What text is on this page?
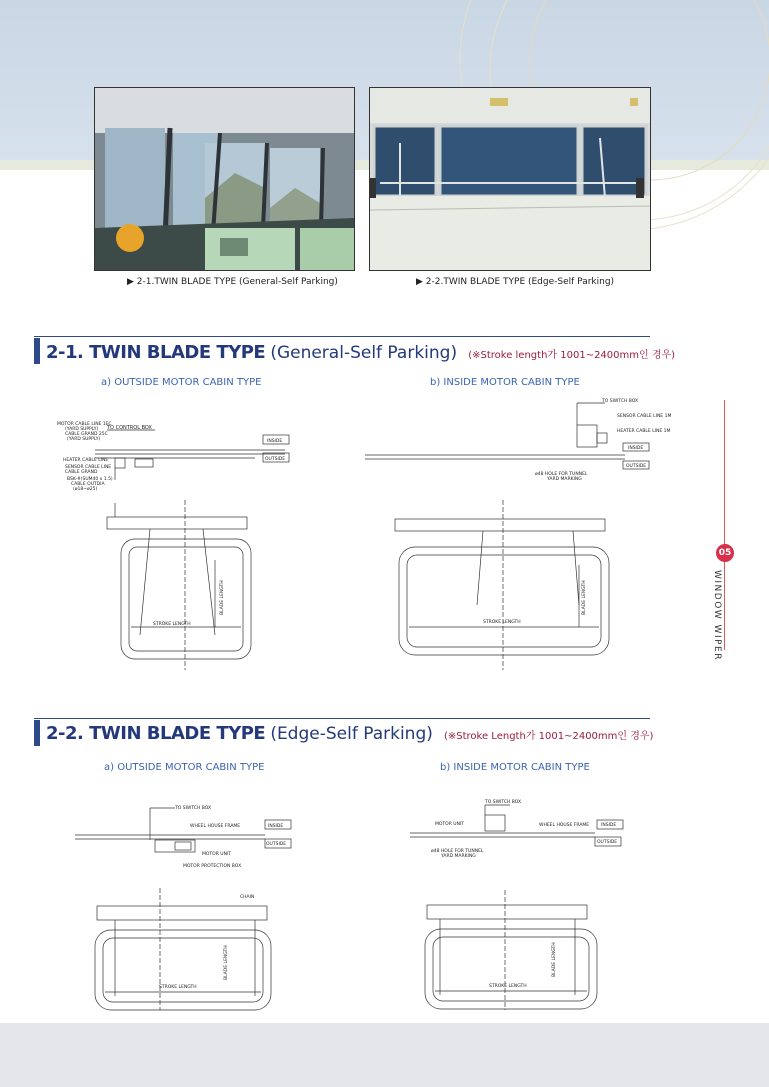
▶ 2-1.TWIN BLADE TYPE (General-Self Parking)	▶ 2-2.TWIN BLADE TYPE (Edge-Self Parking)
2-1. TWIN BLADE TYPE (General-Self Parking) (※Stroke length가 1001~2400mm인 경우)
a) OUTSIDE MOTOR CABIN TYPE	b) INSIDE MOTOR CABIN TYPE
MOTOR CABLE LINE 1EC
(YARD SUPPLY)
CABLE GRAND 25C
(YARD SUPPLY)
TO CONTROL BOX
HEATER CABLE LINE
SENSOR CABLE LINE
CABLE GRAND
BSK-#(SUM40 x 1.5)
CABLE OUTDIA
(ø18~ø25)
INSIDE
OUTSIDE
STROKE LENGTH
BLADE LENGTH
TO SWITCH BOX
SENSOR CABLE LINE 1M
HEATER CABLE LINE 1M
INSIDE
OUTSIDE
ø48 HOLE FOR TUNNEL
YARD MARKING
STROKE LENGTH
BLADE LENGTH
2-2. TWIN BLADE TYPE (Edge-Self Parking) (※Stroke Length가 1001~2400mm인 경우)
a) OUTSIDE MOTOR CABIN TYPE	b) INSIDE MOTOR CABIN TYPE
TO SWITCH BOX
WHEEL HOUSE FRAME
MOTOR UNIT
MOTOR PROTECTION BOX
INSIDE
OUTSIDE
CHAIN
STROKE LENGTH
BLADE LENGTH
TO SWITCH BOX
MOTOR UNIT	WHEEL HOUSE FRAME
ø48 HOLE FOR TUNNEL
YARD MARKING
INSIDE
OUTSIDE
STROKE LENGTH
BLADE LENGTH
05
WINDOW WIPER
